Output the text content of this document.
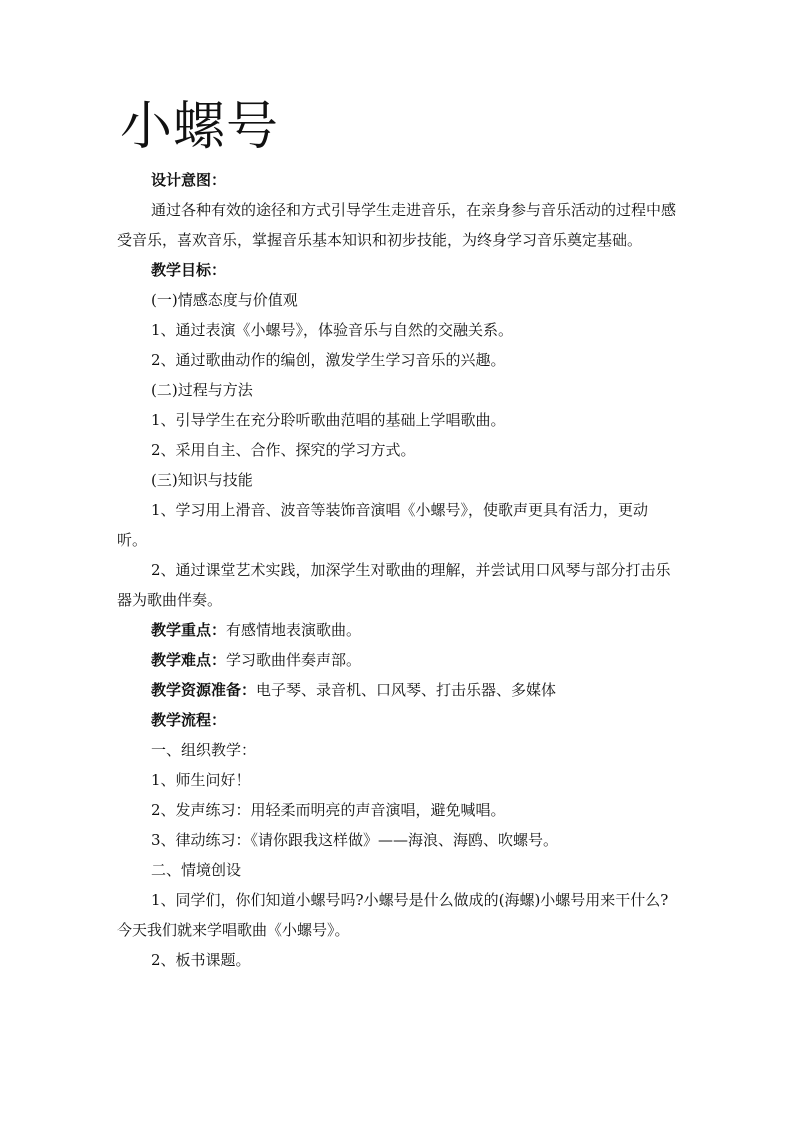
小螺号

设计意图：

通过各种有效的途径和方式引导学生走进音乐，在亲身参与音乐活动的过程中感受音乐，喜欢音乐，掌握音乐基本知识和初步技能，为终身学习音乐奠定基础。

教学目标：

(一)情感态度与价值观

1、通过表演《小螺号》，体验音乐与自然的交融关系。

2、通过歌曲动作的编创，激发学生学习音乐的兴趣。

(二)过程与方法

1、引导学生在充分聆听歌曲范唱的基础上学唱歌曲。

2、采用自主、合作、探究的学习方式。

(三)知识与技能

1、学习用上滑音、波音等装饰音演唱《小螺号》，使歌声更具有活力，更动听。

2、通过课堂艺术实践，加深学生对歌曲的理解，并尝试用口风琴与部分打击乐器为歌曲伴奏。

教学重点：有感情地表演歌曲。

教学难点：学习歌曲伴奏声部。

教学资源准备：电子琴、录音机、口风琴、打击乐器、多媒体

教学流程：

一、组织教学：

1、师生问好！

2、发声练习：用轻柔而明亮的声音演唱，避免喊唱。

3、律动练习：《请你跟我这样做》——海浪、海鸥、吹螺号。

二、情境创设

1、同学们，你们知道小螺号吗?小螺号是什么做成的(海螺)小螺号用来干什么?今天我们就来学唱歌曲《小螺号》。

2、板书课题。
